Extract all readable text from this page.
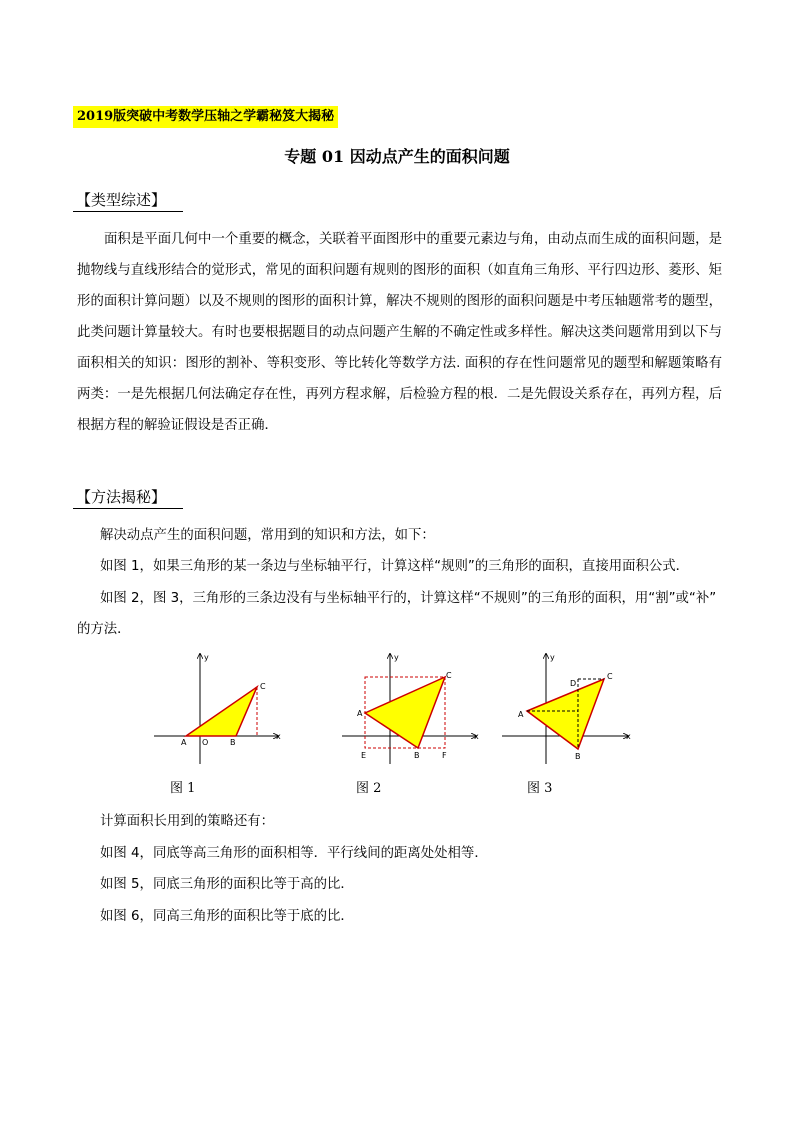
2019版突破中考数学压轴之学霸秘笈大揭秘
专题 01 因动点产生的面积问题
【类型综述】
面积是平面几何中一个重要的概念，关联着平面图形中的重要元素边与角，由动点而生成的面积问题，是抛物线与直线形结合的觉形式，常见的面积问题有规则的图形的面积（如直角三角形、平行四边形、菱形、矩形的面积计算问题）以及不规则的图形的面积计算，解决不规则的图形的面积问题是中考压轴题常考的题型，此类问题计算量较大。有时也要根据题目的动点问题产生解的不确定性或多样性。解决这类问题常用到以下与面积相关的知识：图形的割补、等积变形、等比转化等数学方法. 面积的存在性问题常见的题型和解题策略有两类：一是先根据几何法确定存在性，再列方程求解，后检验方程的根．二是先假设关系存在，再列方程，后根据方程的解验证假设是否正确．
【方法揭秘】
解决动点产生的面积问题，常用到的知识和方法，如下：
如图 1，如果三角形的某一条边与坐标轴平行，计算这样“规则”的三角形的面积，直接用面积公式．
如图 2，图 3，三角形的三条边没有与坐标轴平行的，计算这样“不规则”的三角形的面积，用“割”或“补”
的方法．
y
x
A O	B
C
y
x
A
B
C
E	F
y
x
A
B
C
D
图 1	图 2	图 3
计算面积长用到的策略还有：
如图 4，同底等高三角形的面积相等．平行线间的距离处处相等．
如图 5，同底三角形的面积比等于高的比．
如图 6，同高三角形的面积比等于底的比．
